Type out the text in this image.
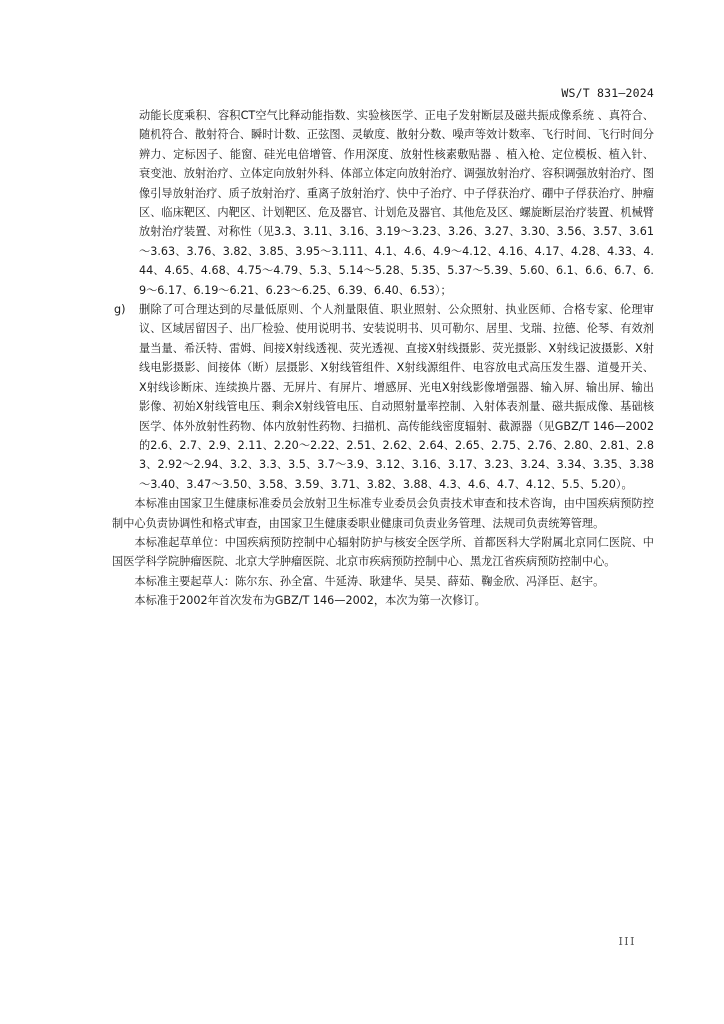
WS/T 831—2024
动能长度乘积、容积CT空气比释动能指数、实验核医学、正电子发射断层及磁共振成像系统 、真符合、随机符合、散射符合、瞬时计数、正弦图、灵敏度、散射分数、噪声等效计数率、飞行时间、飞行时间分辨力、定标因子、能窗、硅光电倍增管、作用深度、放射性核素敷贴器 、植入枪、定位模板、植入针、衰变池、放射治疗、立体定向放射外科、体部立体定向放射治疗、调强放射治疗、容积调强放射治疗、图像引导放射治疗、质子放射治疗、重离子放射治疗、快中子治疗、中子俘获治疗、硼中子俘获治疗、肿瘤区、临床靶区、内靶区、计划靶区、危及器官、计划危及器官、其他危及区、螺旋断层治疗装置、机械臂放射治疗装置、对称性（见3.3、3.11、3.16、3.19～3.23、3.26、3.27、3.30、3.56、3.57、3.61～3.63、3.76、3.82、3.85、3.95～3.111、4.1、4.6、4.9～4.12、4.16、4.17、4.28、4.33、4.44、4.65、4.68、4.75～4.79、5.3、5.14～5.28、5.35、5.37～5.39、5.60、6.1、6.6、6.7、6.9～6.17、6.19～6.21、6.23～6.25、6.39、6.40、6.53）；
g) 删除了可合理达到的尽量低原则、个人剂量限值、职业照射、公众照射、执业医师、合格专家、伦理审议、区域居留因子、出厂检验、使用说明书、安装说明书、贝可勒尔、居里、戈瑞、拉德、伦琴、有效剂量当量、希沃特、雷姆、间接X射线透视、荧光透视、直接X射线摄影、荧光摄影、X射线记波摄影、X射线电影摄影、间接体（断）层摄影、X射线管组件、X射线源组件、电容放电式高压发生器、道曼开关、X射线诊断床、连续换片器、无屏片、有屏片、增感屏、光电X射线影像增强器、输入屏、输出屏、输出影像、初始X射线管电压、剩余X射线管电压、自动照射量率控制、入射体表剂量、磁共振成像、基础核医学、体外放射性药物、体内放射性药物、扫描机、高传能线密度辐射、截源器（见GBZ/T 146—2002的2.6、2.7、2.9、2.11、2.20～2.22、2.51、2.62、2.64、2.65、2.75、2.76、2.80、2.81、2.83、2.92～2.94、3.2、3.3、3.5、3.7～3.9、3.12、3.16、3.17、3.23、3.24、3.34、3.35、3.38～3.40、3.47～3.50、3.58、3.59、3.71、3.82、3.88、4.3、4.6、4.7、4.12、5.5、5.20）。

本标准由国家卫生健康标准委员会放射卫生标准专业委员会负责技术审查和技术咨询，由中国疾病预防控制中心负责协调性和格式审查，由国家卫生健康委职业健康司负责业务管理、法规司负责统筹管理。

本标准起草单位：中国疾病预防控制中心辐射防护与核安全医学所、首都医科大学附属北京同仁医院、中国医学科学院肿瘤医院、北京大学肿瘤医院、北京市疾病预防控制中心、黑龙江省疾病预防控制中心。

本标准主要起草人：陈尔东、孙全富、牛延涛、耿建华、吴昊、薛茹、鞠金欣、冯泽臣、赵宇。

本标准于2002年首次发布为GBZ/T 146—2002，本次为第一次修订。

III
